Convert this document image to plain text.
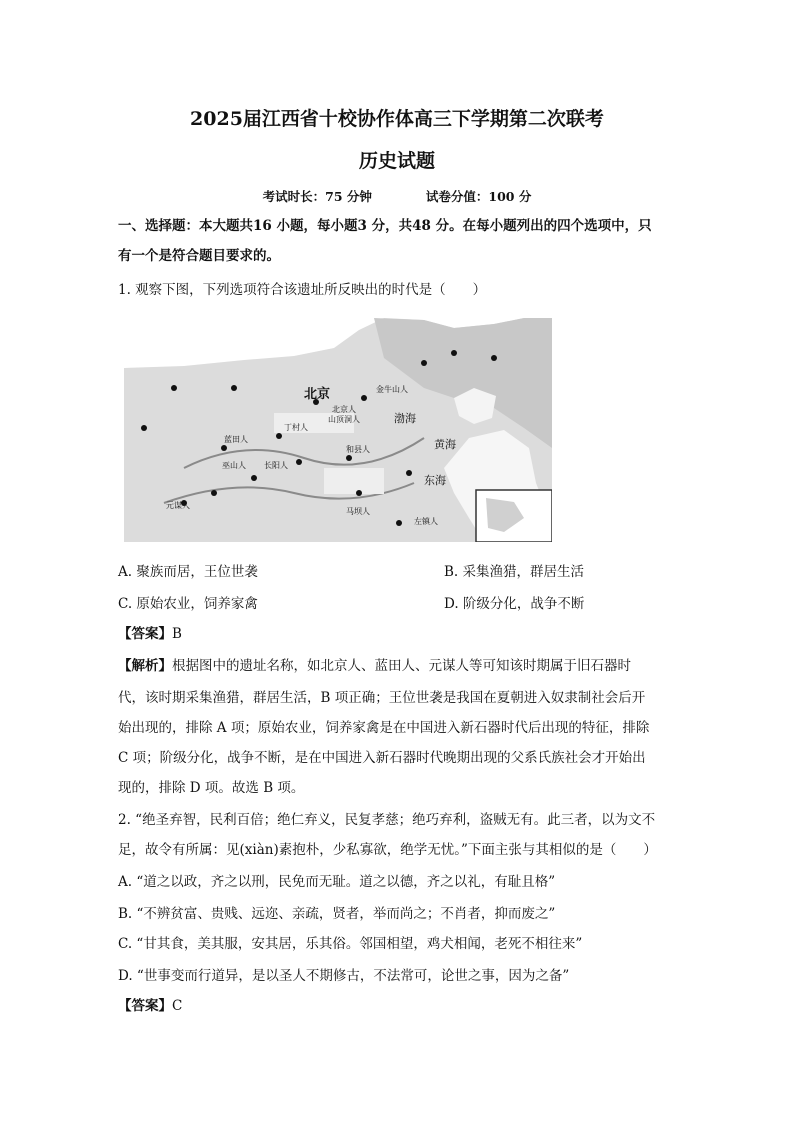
2025届江西省十校协作体高三下学期第二次联考
历史试题
考试时长：75 分钟	试卷分值：100 分
一、选择题：本大题共16 小题，每小题3 分，共48 分。在每小题列出的四个选项中，只
有一个是符合题目要求的。
1. 观察下图，下列选项符合该遗址所反映出的时代是（　　）
北京	金牛山人
北京人
山顶洞人
丁村人
渤海
蓝田人
和县人
巫山人 长阳人
元谋人
马坝人
东海
左镇人
黄海
A. 聚族而居，王位世袭	B. 采集渔猎，群居生活
C. 原始农业，饲养家禽	D. 阶级分化，战争不断
【答案】B
【解析】根据图中的遗址名称，如北京人、蓝田人、元谋人等可知该时期属于旧石器时
代，该时期采集渔猎，群居生活，B 项正确；王位世袭是我国在夏朝进入奴隶制社会后开
始出现的，排除 A 项；原始农业，饲养家禽是在中国进入新石器时代后出现的特征，排除
C 项；阶级分化，战争不断，是在中国进入新石器时代晚期出现的父系氏族社会才开始出
现的，排除 D 项。故选 B 项。
2. “绝圣弃智，民利百倍；绝仁弃义，民复孝慈；绝巧弃利，盗贼无有。此三者，以为文不
足，故令有所属：见(xiàn)素抱朴，少私寡欲，绝学无忧。”下面主张与其相似的是（　　）
A. “道之以政，齐之以刑，民免而无耻。道之以德，齐之以礼，有耻且格”
B. “不辨贫富、贵贱、远迩、亲疏，贤者，举而尚之；不肖者，抑而废之”
C. “甘其食，美其服，安其居，乐其俗。邻国相望，鸡犬相闻，老死不相往来”
D. “世事变而行道异，是以圣人不期修古，不法常可，论世之事，因为之备”
【答案】C
